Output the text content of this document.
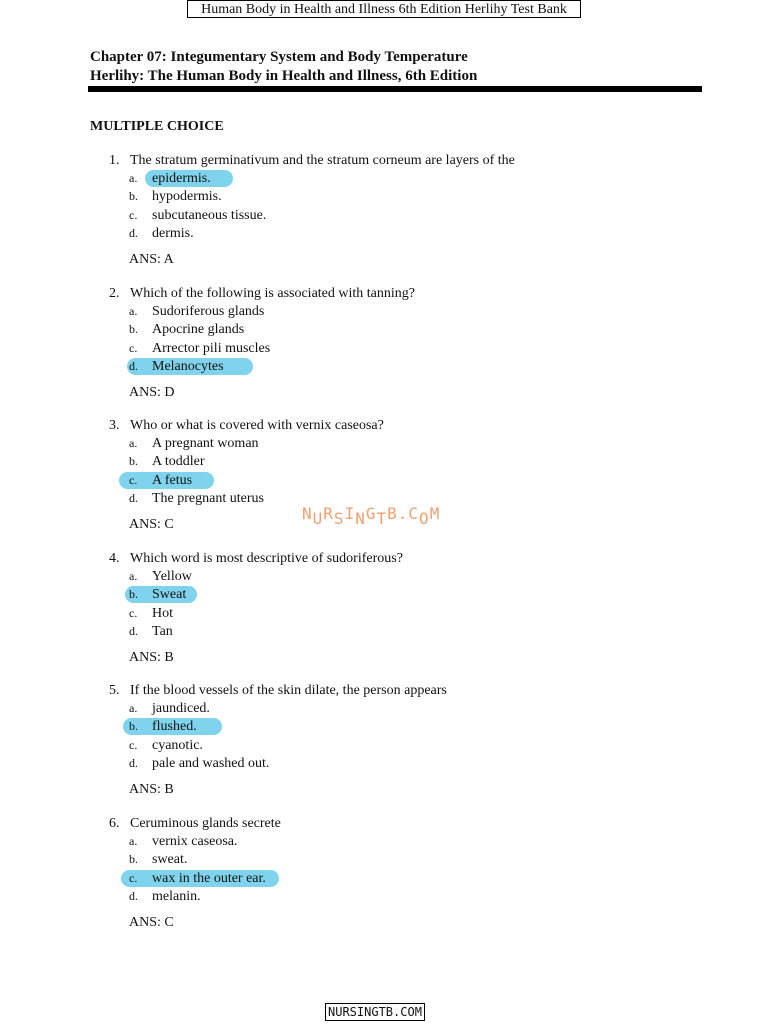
Human Body in Health and Illness 6th Edition Herlihy Test Bank
Chapter 07: Integumentary System and Body Temperature
Herlihy: The Human Body in Health and Illness, 6th Edition
MULTIPLE CHOICE
1. The stratum germinativum and the stratum corneum are layers of the
a. epidermis.
b. hypodermis.
c. subcutaneous tissue.
d. dermis.
ANS: A
2. Which of the following is associated with tanning?
a. Sudoriferous glands
b. Apocrine glands
c. Arrector pili muscles
d. Melanocytes
ANS: D
3. Who or what is covered with vernix caseosa?
a. A pregnant woman
b. A toddler
c. A fetus
d. The pregnant uterus
ANS: C
4. Which word is most descriptive of sudoriferous?
a. Yellow
b. Sweat
c. Hot
d. Tan
ANS: B
5. If the blood vessels of the skin dilate, the person appears
a. jaundiced.
b. flushed.
c. cyanotic.
d. pale and washed out.
ANS: B
6. Ceruminous glands secrete
a. vernix caseosa.
b. sweat.
c. wax in the outer ear.
d. melanin.
ANS: C
NURSINGTB.COM
NURSINGTB.COM
